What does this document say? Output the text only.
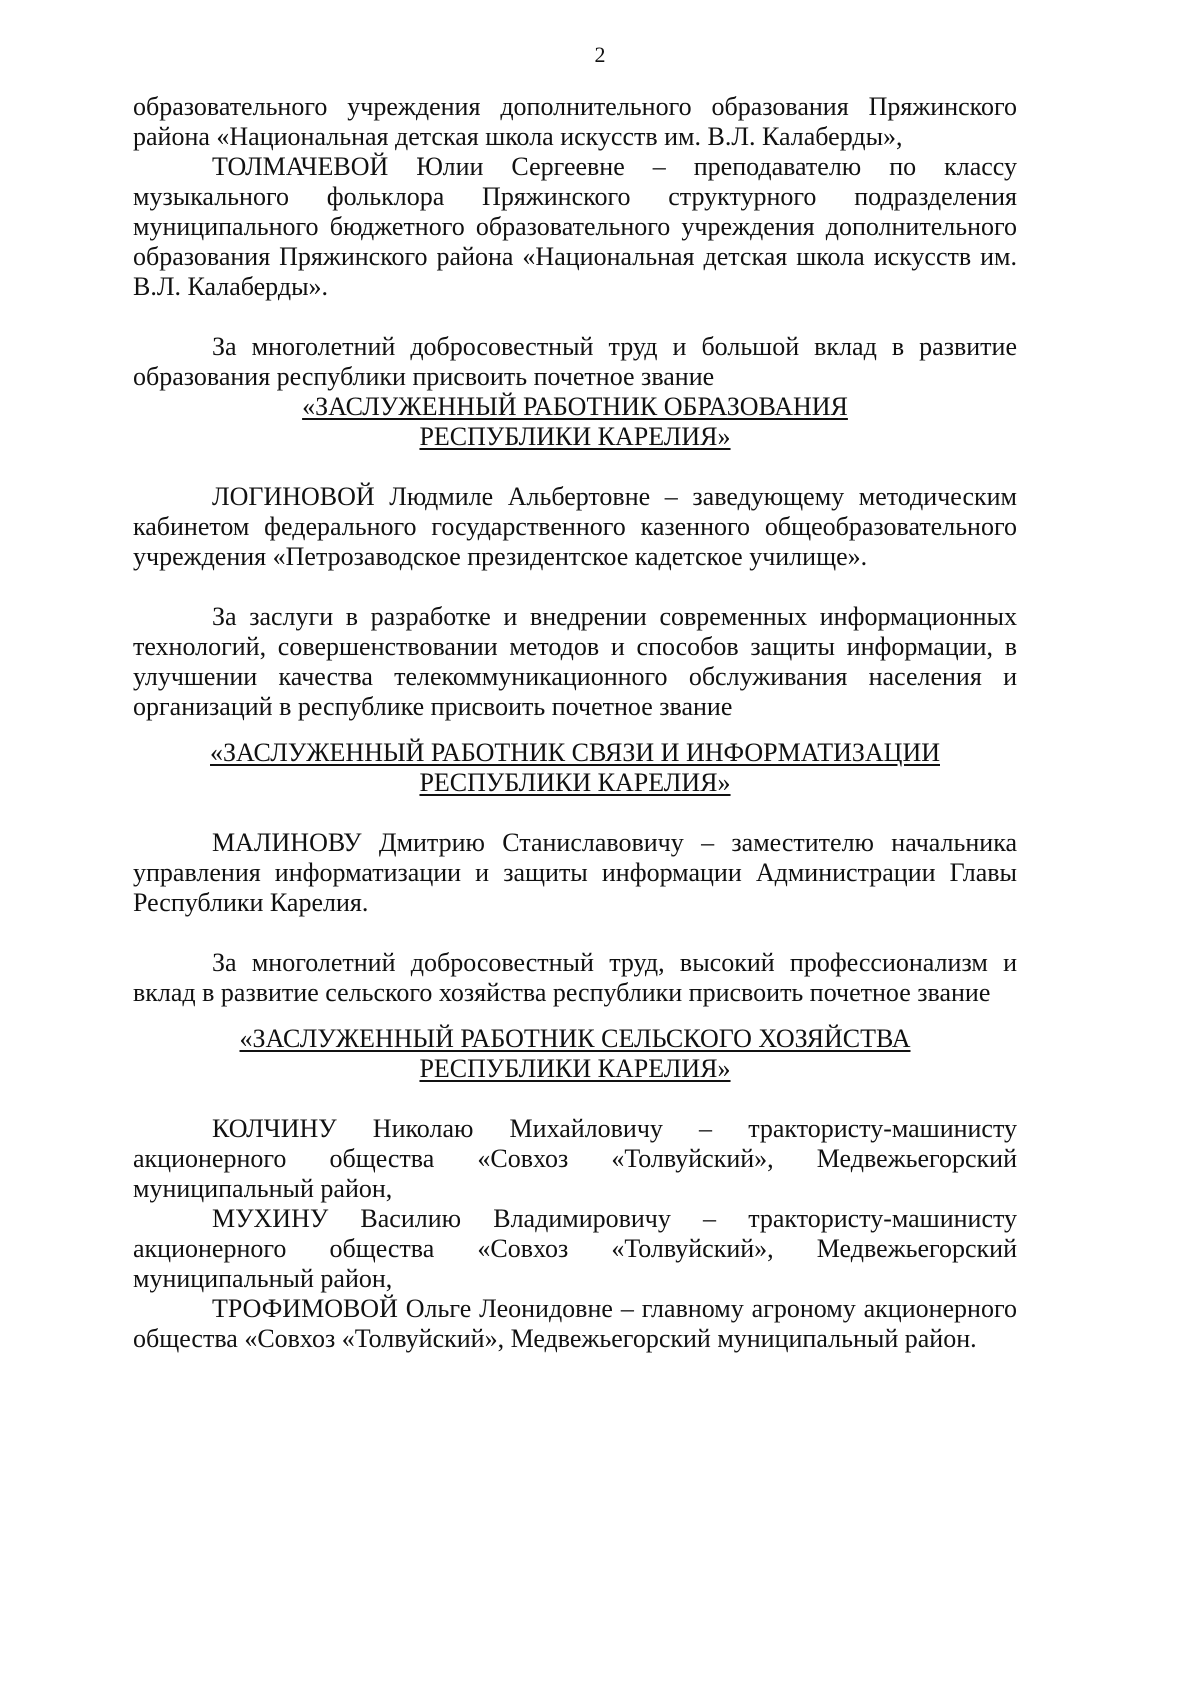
2

образовательного учреждения дополнительного образования Пряжинского района «Национальная детская школа искусств им. В.Л. Калаберды»,

ТОЛМАЧЕВОЙ Юлии Сергеевне – преподавателю по классу музыкального фольклора Пряжинского структурного подразделения муниципального бюджетного образовательного учреждения дополнительного образования Пряжинского района «Национальная детская школа искусств им. В.Л. Калаберды».

За многолетний добросовестный труд и большой вклад в развитие образования республики присвоить почетное звание

«ЗАСЛУЖЕННЫЙ РАБОТНИК ОБРАЗОВАНИЯ

РЕСПУБЛИКИ КАРЕЛИЯ»

ЛОГИНОВОЙ Людмиле Альбертовне – заведующему методическим кабинетом федерального государственного казенного общеобразовательного учреждения «Петрозаводское президентское кадетское училище».

За заслуги в разработке и внедрении современных информационных технологий, совершенствовании методов и способов защиты информации, в улучшении качества телекоммуникационного обслуживания населения и организаций в республике присвоить почетное звание

«ЗАСЛУЖЕННЫЙ РАБОТНИК СВЯЗИ И ИНФОРМАТИЗАЦИИ

РЕСПУБЛИКИ КАРЕЛИЯ»

МАЛИНОВУ Дмитрию Станиславовичу – заместителю начальника управления информатизации и защиты информации Администрации Главы Республики Карелия.

За многолетний добросовестный труд, высокий профессионализм и вклад в развитие сельского хозяйства республики присвоить почетное звание

«ЗАСЛУЖЕННЫЙ РАБОТНИК СЕЛЬСКОГО ХОЗЯЙСТВА

РЕСПУБЛИКИ КАРЕЛИЯ»

КОЛЧИНУ Николаю Михайловичу – трактористу-машинисту акционерного общества «Совхоз «Толвуйский», Медвежьегорский муниципальный район,

МУХИНУ Василию Владимировичу – трактористу-машинисту акционерного общества «Совхоз «Толвуйский», Медвежьегорский муниципальный район,

ТРОФИМОВОЙ Ольге Леонидовне – главному агроному акционерного общества «Совхоз «Толвуйский», Медвежьегорский муниципальный район.
